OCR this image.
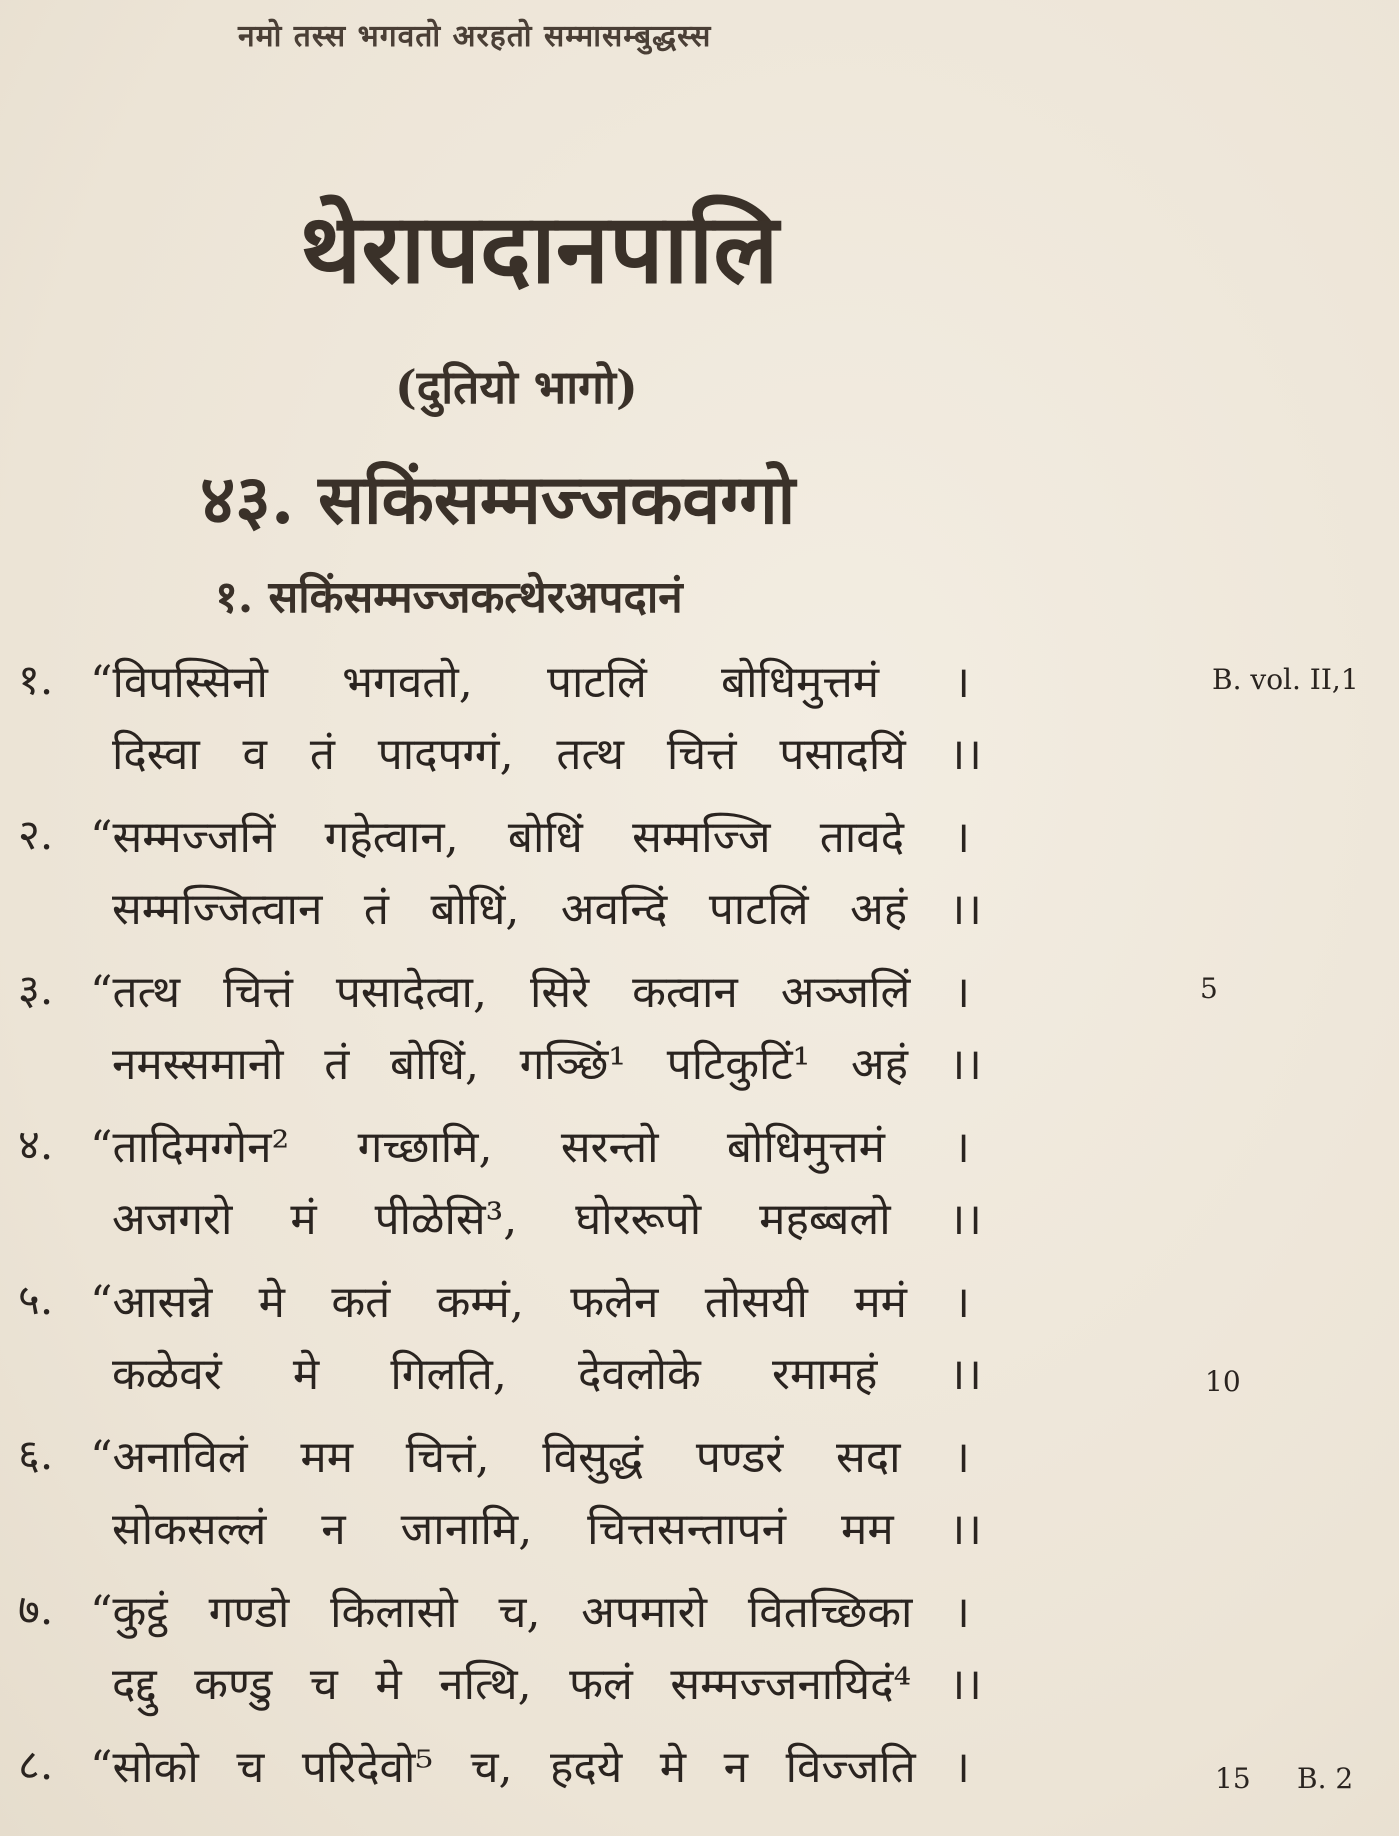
नमो तस्स भगवतो अरहतो सम्मासम्बुद्धस्स
थेरापदानपालि
(दुतियो भागो)
४३. सकिंसम्मज्जकवग्गो
१. सकिंसम्मज्जकत्थेरअपदानं
१. “विपस्सिनो भगवतो, पाटलिं बोधिमुत्तमं ।
दिस्वा व तं पादपग्गं, तत्थ चित्तं पसादयिं ।।
२. “सम्मज्जनिं गहेत्वान, बोधिं सम्मज्जि तावदे ।
सम्मज्जित्वान तं बोधिं, अवन्दिं पाटलिं अहं ।।
३. “तत्थ चित्तं पसादेत्वा, सिरे कत्वान अञ्जलिं ।
नमस्समानो तं बोधिं, गञ्छिं¹ पटिकुटिं¹ अहं ।।
४. “तादिमग्गेन² गच्छामि, सरन्तो बोधिमुत्तमं ।
अजगरो मं पीळेसि³, घोररूपो महब्बलो ।।
५. “आसन्ने मे कतं कम्मं, फलेन तोसयी ममं ।
कळेवरं मे गिलति, देवलोके रमामहं ।।
६. “अनाविलं मम चित्तं, विसुद्धं पण्डरं सदा ।
सोकसल्लं न जानामि, चित्तसन्तापनं मम ।।
७. “कुट्ठं गण्डो किलासो च, अपमारो वितच्छिका ।
दद्दु कण्डु च मे नत्थि, फलं सम्मज्जनायिदं⁴ ।।
८. “सोको च परिदेवो⁵ च, हदये मे न विज्जति ।
B. vol. II,1
5
10
15 B. 2
